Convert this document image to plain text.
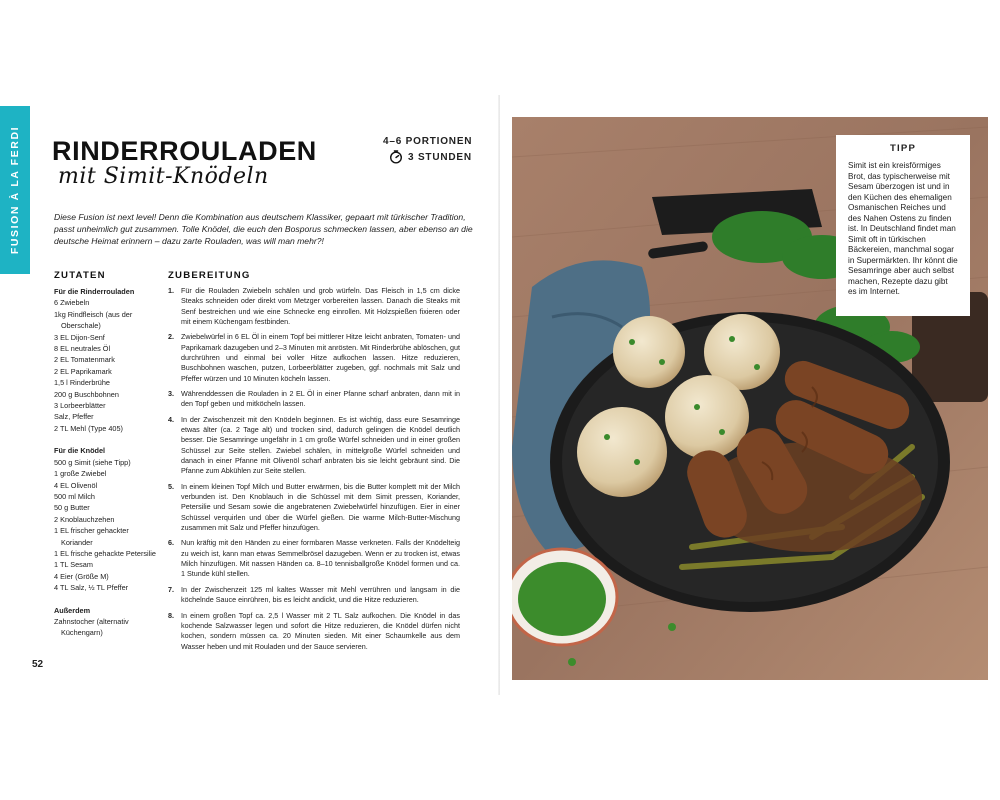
FUSION À LA FERDI RINDERROULADEN
mit Simit-Knödeln
4–6 PORTIONEN
3 STUNDEN

Diese Fusion ist next level! Denn die Kombination aus deutschem Klassiker, gepaart mit türkischer Tradition, passt unheimlich gut zusammen. Tolle Knödel, die euch den Bosporus schmecken lassen, aber ebenso an die deutsche Heimat erinnern – dazu zarte Rouladen, was will man mehr?!

ZUTATEN	ZUBEREITUNG
Für die Rinderrouladen
6 Zwiebeln
1kg Rindfleisch (aus der Oberschale)
3 EL Dijon-Senf
8 EL neutrales Öl
2 EL Tomatenmark
2 EL Paprikamark
1,5 l Rinderbrühe
200 g Buschbohnen
3 Lorbeerblätter
Salz, Pfeffer
2 TL Mehl (Type 405)
Für die Knödel
500 g Simit (siehe Tipp)
1 große Zwiebel
4 EL Olivenöl
500 ml Milch
50 g Butter
2 Knoblauchzehen
1 EL frischer gehackter Koriander
1 EL frische gehackte Petersilie
1 TL Sesam
4 Eier (Größe M)
4 TL Salz, ½ TL Pfeffer
Außerdem
Zahnstocher (alternativ Küchengarn)
1. Für die Rouladen Zwiebeln schälen und grob würfeln. Das Fleisch in 1,5 cm dicke Steaks schneiden oder direkt vom Metzger vorbereiten lassen. Danach die Steaks mit Senf bestreichen und wie eine Schnecke eng einrollen. Mit Holzspießen fixieren oder mit einem Küchengarn festbinden.
2. Zwiebelwürfel in 6 EL Öl in einem Topf bei mittlerer Hitze leicht anbraten, Tomaten- und Paprikamark dazugeben und 2–3 Minuten mit anrösten. Mit Rinderbrühe ablöschen, gut durchrühren und einmal bei voller Hitze aufkochen lassen. Hitze reduzieren, Buschbohnen waschen, putzen, Lorbeerblätter zugeben, ggf. nochmals mit Salz und Pfeffer würzen und 10 Minuten köcheln lassen.
3. Währenddessen die Rouladen in 2 EL Öl in einer Pfanne scharf anbraten, dann mit in den Topf geben und mitköcheln lassen.
4. In der Zwischenzeit mit den Knödeln beginnen. Es ist wichtig, dass eure Sesamringe etwas älter (ca. 2 Tage alt) und trocken sind, dadurch gelingen die Knödel deutlich besser. Die Sesamringe ungefähr in 1 cm große Würfel schneiden und in einer großen Schüssel zur Seite stellen. Zwiebel schälen, in mittelgroße Würfel schneiden und danach in einer Pfanne mit Olivenöl scharf anbraten bis sie leicht gebräunt sind. Die Pfanne zum Abkühlen zur Seite stellen.
5. In einem kleinen Topf Milch und Butter erwärmen, bis die Butter komplett mit der Milch verbunden ist. Den Knoblauch in die Schüssel mit dem Simit pressen, Koriander, Petersilie und Sesam sowie die angebratenen Zwiebelwürfel hinzufügen. Eier in einer Schüssel verquirlen und über die Würfel gießen. Die warme Milch-Butter-Mischung zusammen mit Salz und Pfeffer hinzufügen.
6. Nun kräftig mit den Händen zu einer formbaren Masse verkneten. Falls der Knödelteig zu weich ist, kann man etwas Semmelbrösel dazugeben. Wenn er zu trocken ist, etwas Milch hinzufügen. Mit nassen Händen ca. 8–10 tennisballgroße Knödel formen und ca. 1 Stunde kühl stellen.
7. In der Zwischenzeit 125 ml kaltes Wasser mit Mehl verrühren und langsam in die köchelnde Sauce einrühren, bis es leicht andickt, und die Hitze reduzieren.
8. In einem großen Topf ca. 2,5 l Wasser mit 2 TL Salz aufkochen. Die Knödel in das kochende Salzwasser legen und sofort die Hitze reduzieren, die Knödel dürfen nicht kochen, sondern müssen ca. 20 Minuten sieden. Mit einer Schaumkelle aus dem Wasser heben und mit Rouladen und der Sauce servieren.
52
TIPP

Simit ist ein kreisförmiges Brot, das typischerweise mit Sesam überzogen ist und in den Küchen des ehemaligen Osmanischen Reiches und des Nahen Ostens zu finden ist. In Deutschland findet man Simit oft in türkischen Bäckereien, manchmal sogar in Supermärkten. Ihr könnt die Sesamringe aber auch selbst machen, Rezepte dazu gibt es im Internet.
